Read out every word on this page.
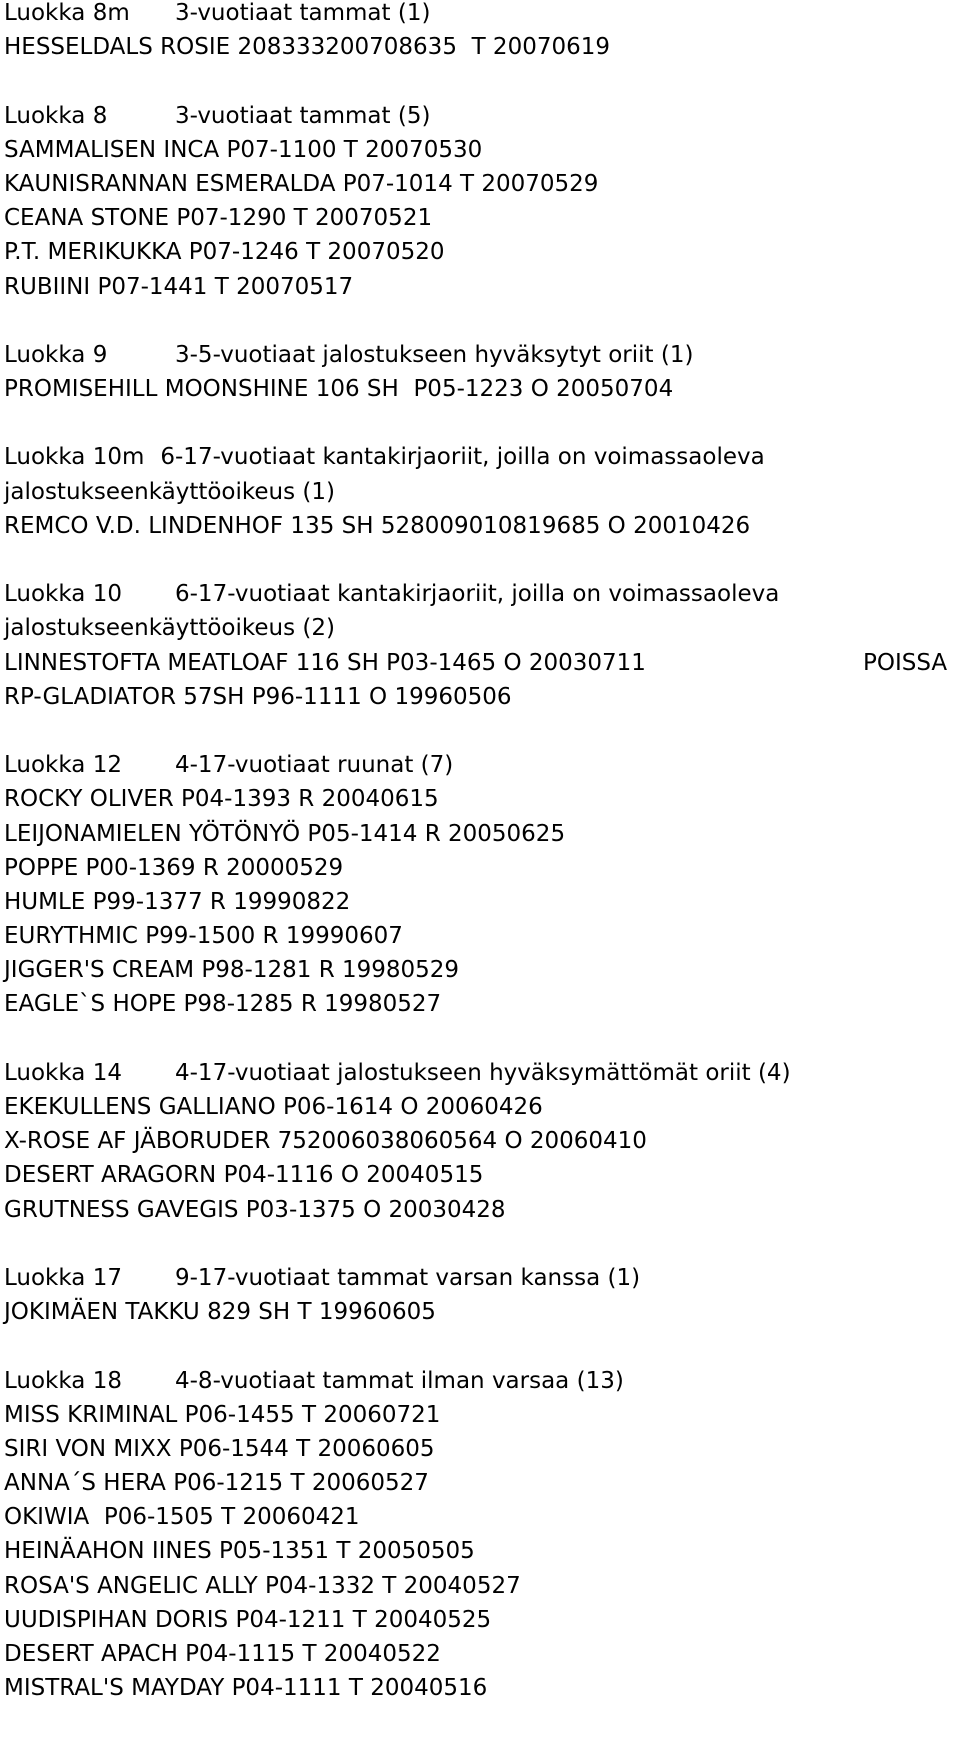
Luokka 8m 3-vuotiaat tammat (1)
HESSELDALS ROSIE 208333200708635  T 20070619
Luokka 8	3-vuotiaat tammat (5)
SAMMALISEN INCA P07-1100 T 20070530
KAUNISRANNAN ESMERALDA P07-1014 T 20070529
CEANA STONE P07-1290 T 20070521
P.T. MERIKUKKA P07-1246 T 20070520
RUBIINI P07-1441 T 20070517
Luokka 9	3-5-vuotiaat jalostukseen hyväksytyt oriit (1)
PROMISEHILL MOONSHINE 106 SH  P05-1223 O 20050704
Luokka 10m 6-17-vuotiaat kantakirjaoriit, joilla on voimassaoleva
jalostukseenkäyttöoikeus (1)
REMCO V.D. LINDENHOF 135 SH 528009010819685 O 20010426
Luokka 10 6-17-vuotiaat kantakirjaoriit, joilla on voimassaoleva
jalostukseenkäyttöoikeus (2)
LINNESTOFTA MEATLOAF 116 SH P03-1465 O 20030711	POISSA
RP-GLADIATOR 57SH P96-1111 O 19960506
Luokka 12 4-17-vuotiaat ruunat (7)
ROCKY OLIVER P04-1393 R 20040615
LEIJONAMIELEN YÖTÖNYÖ P05-1414 R 20050625
POPPE P00-1369 R 20000529
HUMLE P99-1377 R 19990822
EURYTHMIC P99-1500 R 19990607
JIGGER'S CREAM P98-1281 R 19980529
EAGLE`S HOPE P98-1285 R 19980527
Luokka 14 4-17-vuotiaat jalostukseen hyväksymättömät oriit (4)
EKEKULLENS GALLIANO P06-1614 O 20060426
X-ROSE AF JÄBORUDER 752006038060564 O 20060410
DESERT ARAGORN P04-1116 O 20040515
GRUTNESS GAVEGIS P03-1375 O 20030428
Luokka 17 9-17-vuotiaat tammat varsan kanssa (1)
JOKIMÄEN TAKKU 829 SH T 19960605
Luokka 18 4-8-vuotiaat tammat ilman varsaa (13)
MISS KRIMINAL P06-1455 T 20060721
SIRI VON MIXX P06-1544 T 20060605
ANNA´S HERA P06-1215 T 20060527
OKIWIA  P06-1505 T 20060421
HEINÄAHON IINES P05-1351 T 20050505
ROSA'S ANGELIC ALLY P04-1332 T 20040527
UUDISPIHAN DORIS P04-1211 T 20040525
DESERT APACH P04-1115 T 20040522
MISTRAL'S MAYDAY P04-1111 T 20040516
